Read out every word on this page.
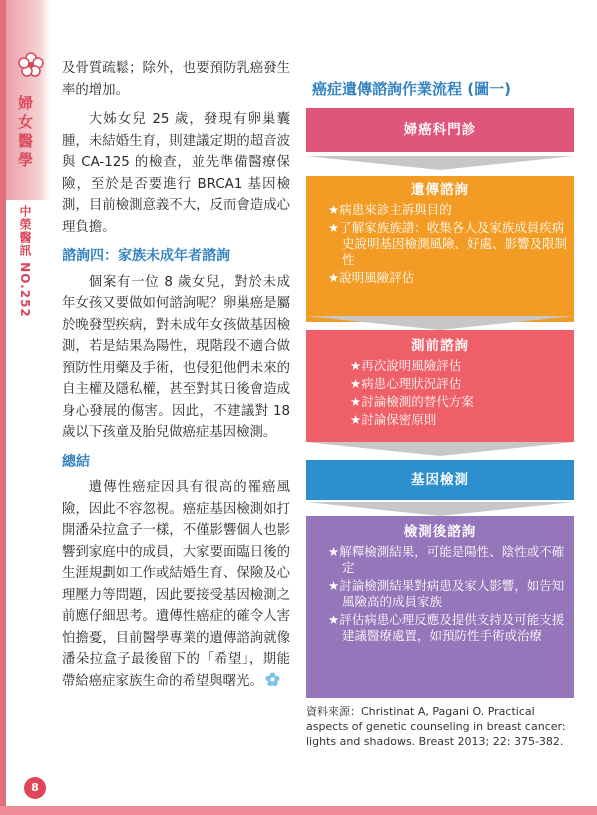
婦女醫學
中榮醫訊 NO.252
8

及骨質疏鬆；除外，也要預防乳癌發生率的增加。

大姊女兒 25 歲，發現有卵巢囊腫，未結婚生育，則建議定期的超音波與 CA-125 的檢查，並先準備醫療保險，至於是否要進行 BRCA1 基因檢測，目前檢測意義不大，反而會造成心理負擔。

諮詢四：家族未成年者諮詢

個案有一位 8 歲女兒，對於未成年女孩又要做如何諮詢呢？卵巢癌是屬於晚發型疾病，對未成年女孩做基因檢測，若是結果為陽性，現階段不適合做預防性用藥及手術，也侵犯他們未來的自主權及隱私權，甚至對其日後會造成身心發展的傷害。因此，不建議對 18 歲以下孩童及胎兒做癌症基因檢測。

總結

遺傳性癌症因具有很高的罹癌風險，因此不容忽視。癌症基因檢測如打開潘朵拉盒子一樣，不僅影響個人也影響到家庭中的成員，大家要面臨日後的生涯規劃如工作或結婚生育、保險及心理壓力等問題，因此要接受基因檢測之前應仔細思考。遺傳性癌症的確令人害怕擔憂，目前醫學專業的遺傳諮詢就像潘朵拉盒子最後留下的「希望」，期能帶給癌症家族生命的希望與曙光。

癌症遺傳諮詢作業流程 (圖一)
婦癌科門診
遺傳諮詢
★病患來診主訴與目的
★了解家族族譜：收集各人及家族成員疾病史說明基因檢測風險、好處、影響及限制性
★說明風險評估
測前諮詢
★再次說明風險評估
★病患心理狀況評估
★討論檢測的替代方案
★討論保密原則
基因檢測
檢測後諮詢
★解釋檢測結果，可能是陽性、陰性或不確定
★討論檢測結果對病患及家人影響，如告知風險高的成員家族
★評估病患心理反應及提供支持及可能支援建議醫療處置，如預防性手術或治療
資料來源：Christinat A, Pagani O. Practical aspects of genetic counseling in breast cancer: lights and shadows. Breast 2013; 22: 375-382.
